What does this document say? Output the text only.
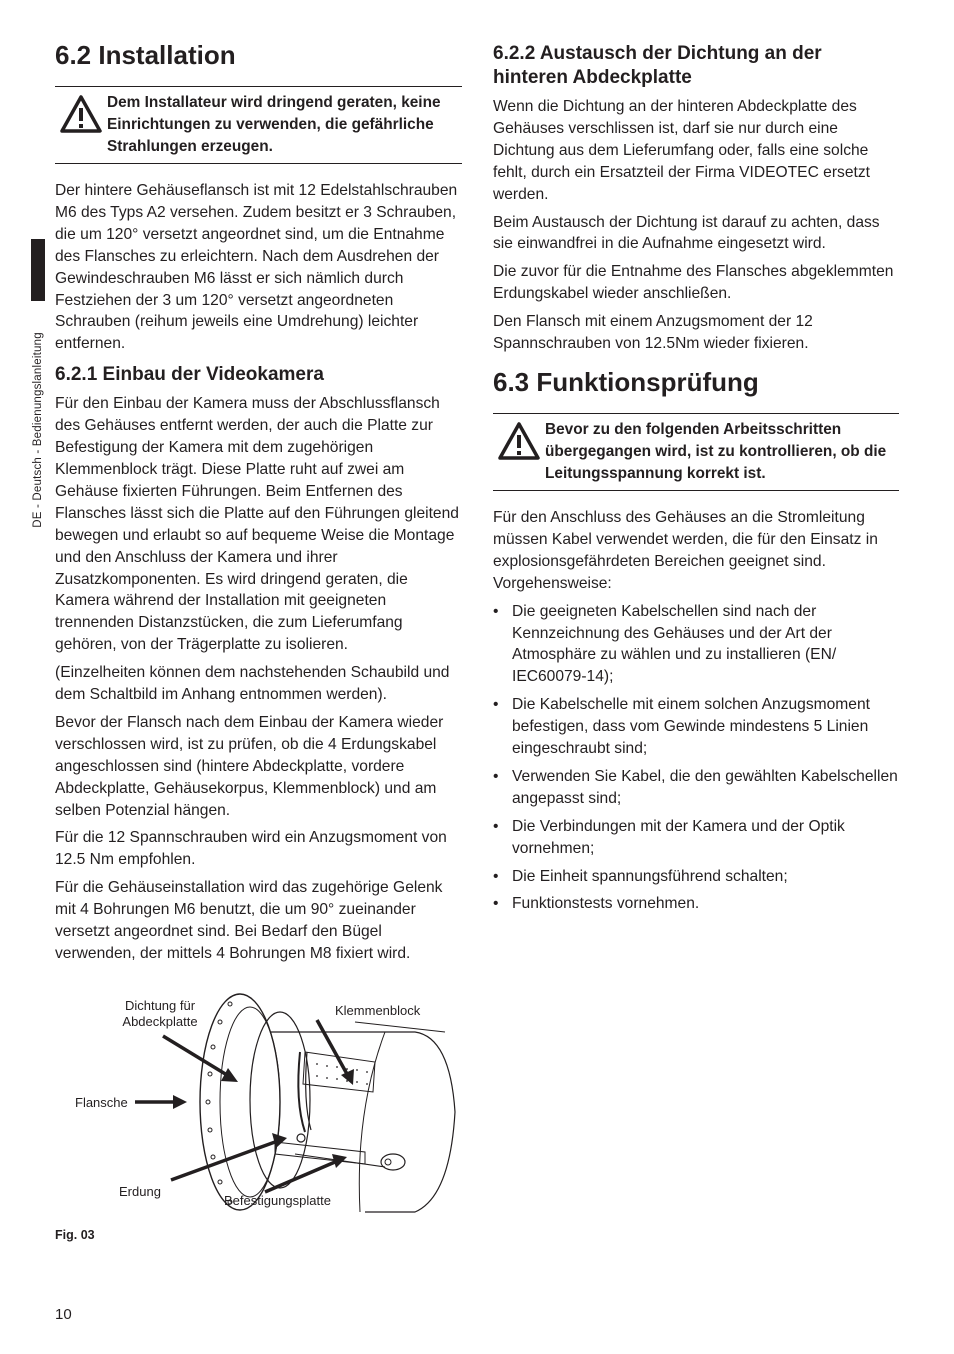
DE - Deutsch - Bedienungslanleitung
6.2 Installation
Dem Installateur wird dringend geraten, keine Einrichtungen zu verwenden, die gefährliche Strahlungen erzeugen.

Der hintere Gehäuseflansch ist mit 12 Edelstahlschrauben M6 des Typs A2 versehen. Zudem besitzt er 3 Schrauben, die um 120° versetzt angeordnet sind, um die Entnahme des Flansches zu erleichtern. Nach dem Ausdrehen der Gewindeschrauben M6 lässt er sich nämlich durch Festziehen der 3 um 120° versetzt angeordneten Schrauben (reihum jeweils eine Umdrehung) leichter entfernen.

6.2.1 Einbau der Videokamera

Für den Einbau der Kamera muss der Abschlussflansch des Gehäuses entfernt werden, der auch die Platte zur Befestigung der Kamera mit dem zugehörigen Klemmenblock trägt. Diese Platte ruht auf zwei am Gehäuse fixierten Führungen. Beim Entfernen des Flansches lässt sich die Platte auf den Führungen gleitend bewegen und erlaubt so auf bequeme Weise die Montage und den Anschluss der Kamera und ihrer Zusatzkomponenten. Es wird dringend geraten, die Kamera während der Installation mit geeigneten trennenden Distanzstücken, die zum Lieferumfang gehören, von der Trägerplatte zu isolieren.

(Einzelheiten können dem nachstehenden Schaubild und dem Schaltbild im Anhang entnommen werden).

Bevor der Flansch nach dem Einbau der Kamera wieder verschlossen wird, ist zu prüfen, ob die 4 Erdungskabel angeschlossen sind (hintere Abdeckplatte, vordere Abdeckplatte, Gehäusekorpus, Klemmenblock) und am selben Potenzial hängen.

Für die 12 Spannschrauben wird ein Anzugsmoment von 12.5 Nm empfohlen.

Für die Gehäuseinstallation wird das zugehörige Gelenk mit 4 Bohrungen M6 benutzt, die um 90° zueinander versetzt angeordnet sind. Bei Bedarf den Bügel verwenden, der mittels 4 Bohrungen M8 fixiert wird.

Dichtung für Abdeckplatte
Klemmenblock
Flansche
Erdung
Befestigungsplatte
Fig. 03
6.2.2 Austausch der Dichtung an der hinteren Abdeckplatte

Wenn die Dichtung an der hinteren Abdeckplatte des Gehäuses verschlissen ist, darf sie nur durch eine Dichtung aus dem Lieferumfang oder, falls eine solche fehlt, durch ein Ersatzteil der Firma VIDEOTEC ersetzt werden.

Beim Austausch der Dichtung ist darauf zu achten, dass sie einwandfrei in die Aufnahme eingesetzt wird.

Die zuvor für die Entnahme des Flansches abgeklemmten Erdungskabel wieder anschließen.

Den Flansch mit einem Anzugsmoment der 12 Spannschrauben von 12.5Nm wieder fixieren.

6.3 Funktionsprüfung
Bevor zu den folgenden Arbeitsschritten übergegangen wird, ist zu kontrollieren, ob die Leitungsspannung korrekt ist.

Für den Anschluss des Gehäuses an die Stromleitung müssen Kabel verwendet werden, die für den Einsatz in explosionsgefährdeten Bereichen geeignet sind. Vorgehensweise:

• Die geeigneten Kabelschellen sind nach der Kennzeichnung des Gehäuses und der Art der Atmosphäre zu wählen und zu installieren (EN/ IEC60079-14);
• Die Kabelschelle mit einem solchen Anzugsmoment befestigen, dass vom Gewinde mindestens 5 Linien eingeschraubt sind;
• Verwenden Sie Kabel, die den gewählten Kabelschellen angepasst sind;
• Die Verbindungen mit der Kamera und der Optik vornehmen;
• Die Einheit spannungsführend schalten;
• Funktionstests vornehmen.
10
